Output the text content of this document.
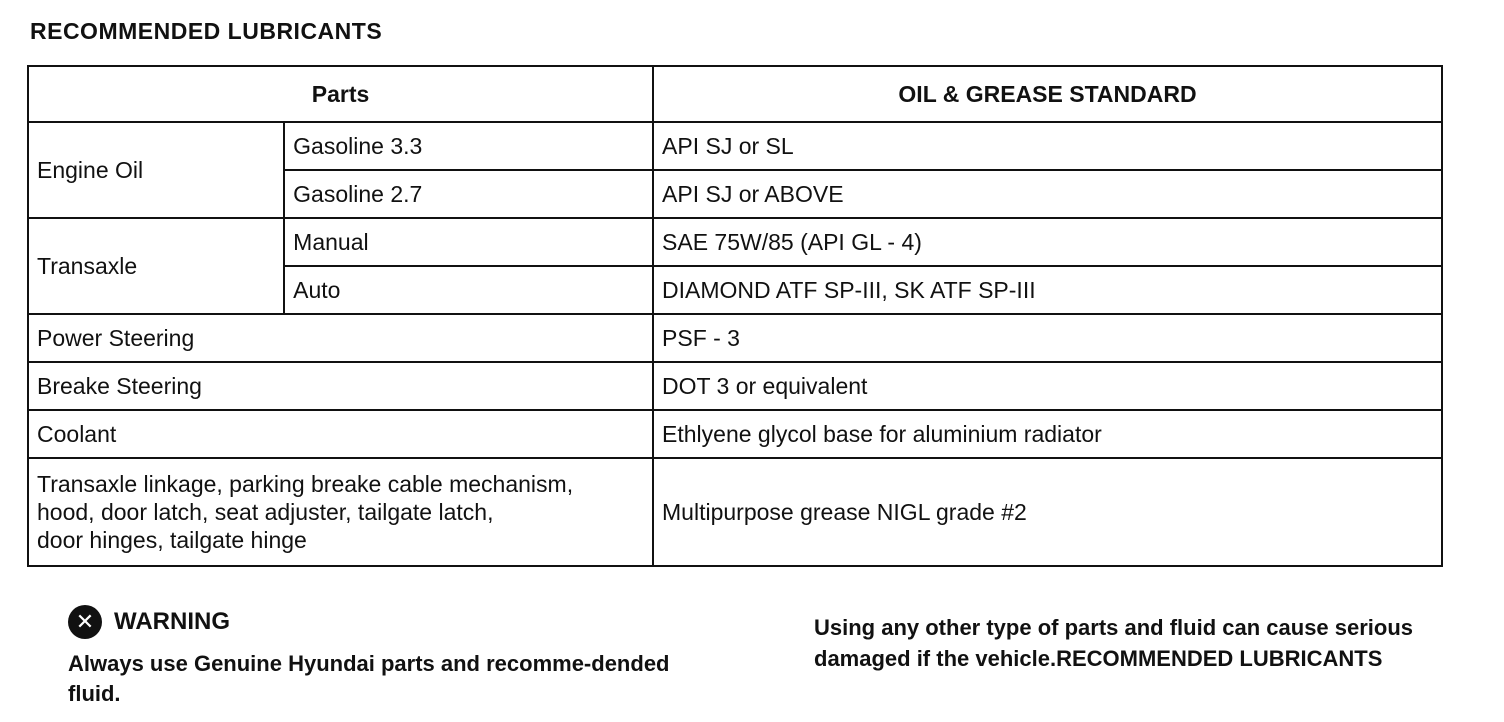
RECOMMENDED LUBRICANTS
Parts		OIL & GREASE STANDARD
Engine Oil	Gasoline 3.3	API SJ or SL
	Gasoline 2.7	API SJ or ABOVE
Transaxle	Manual	SAE 75W/85 (API GL - 4)
	Auto	DIAMOND ATF SP-III, SK ATF SP-III
Power Steering		PSF - 3
Breake Steering		DOT 3 or equivalent
Coolant		Ethlyene glycol base for aluminium radiator

Transaxle linkage, parking breake cable mechanism,
hood, door latch, seat adjuster, tailgate latch,
door hinges, tailgate hinge		Multipurpose grease NIGL grade #2
✕ WARNING
Always use Genuine Hyundai parts and recomme-dended fluid.
Using any other type of parts and fluid can cause serious damaged if the vehicle.RECOMMENDED LUBRICANTS
